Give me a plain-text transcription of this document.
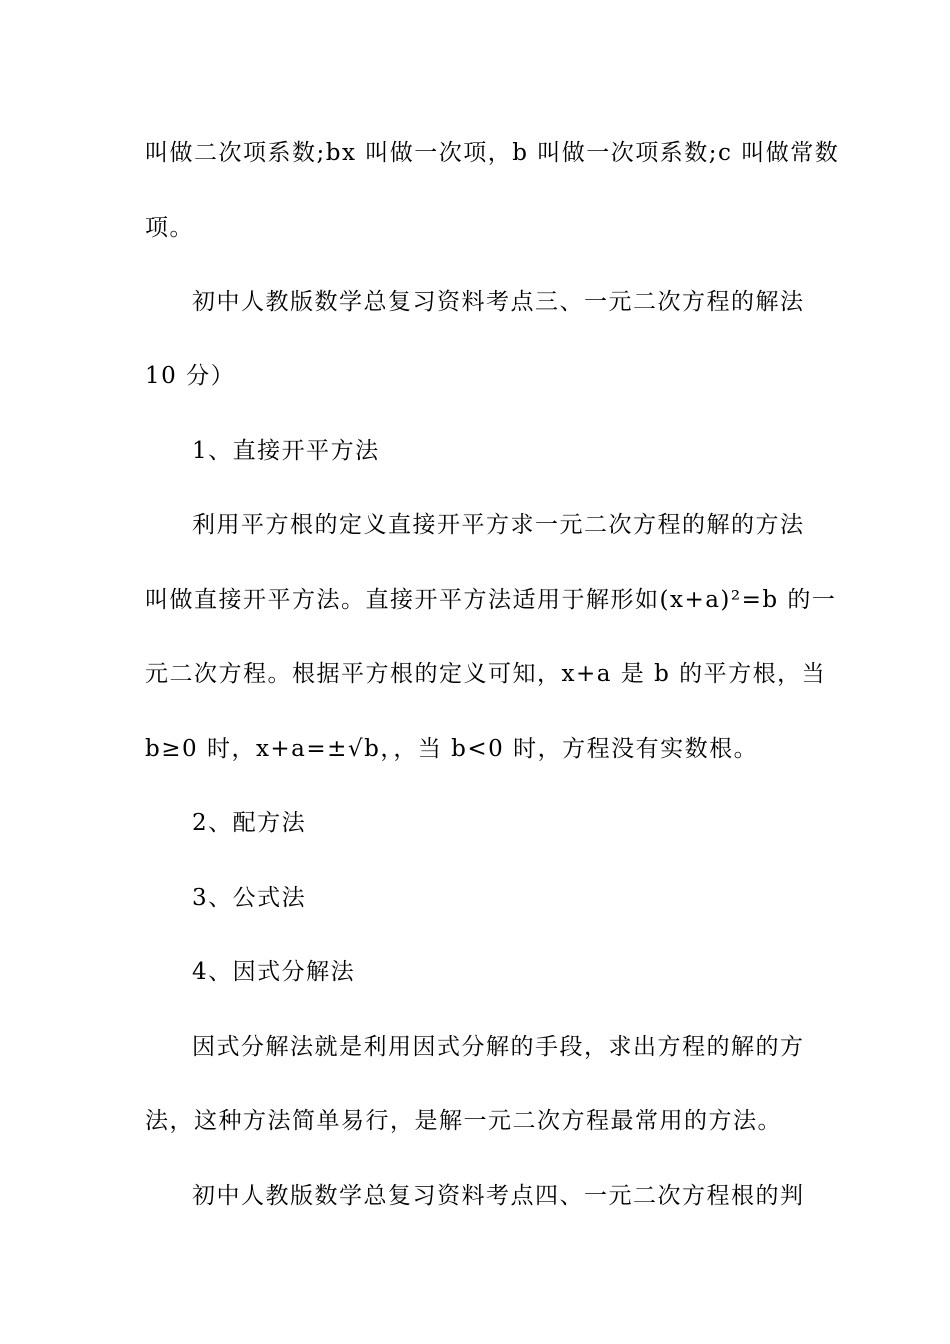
叫做二次项系数;bx 叫做一次项，b 叫做一次项系数;c 叫做常数
项。
初中人教版数学总复习资料考点三、一元二次方程的解法
10 分）
1、直接开平方法
利用平方根的定义直接开平方求一元二次方程的解的方法
叫做直接开平方法。直接开平方法适用于解形如(x+a)²=b 的一
元二次方程。根据平方根的定义可知，x+a 是 b 的平方根，当
b≥0 时，x+a=±√b，，当 b<0 时，方程没有实数根。
2、配方法
3、公式法
4、因式分解法
因式分解法就是利用因式分解的手段，求出方程的解的方
法，这种方法简单易行，是解一元二次方程最常用的方法。
初中人教版数学总复习资料考点四、一元二次方程根的判
